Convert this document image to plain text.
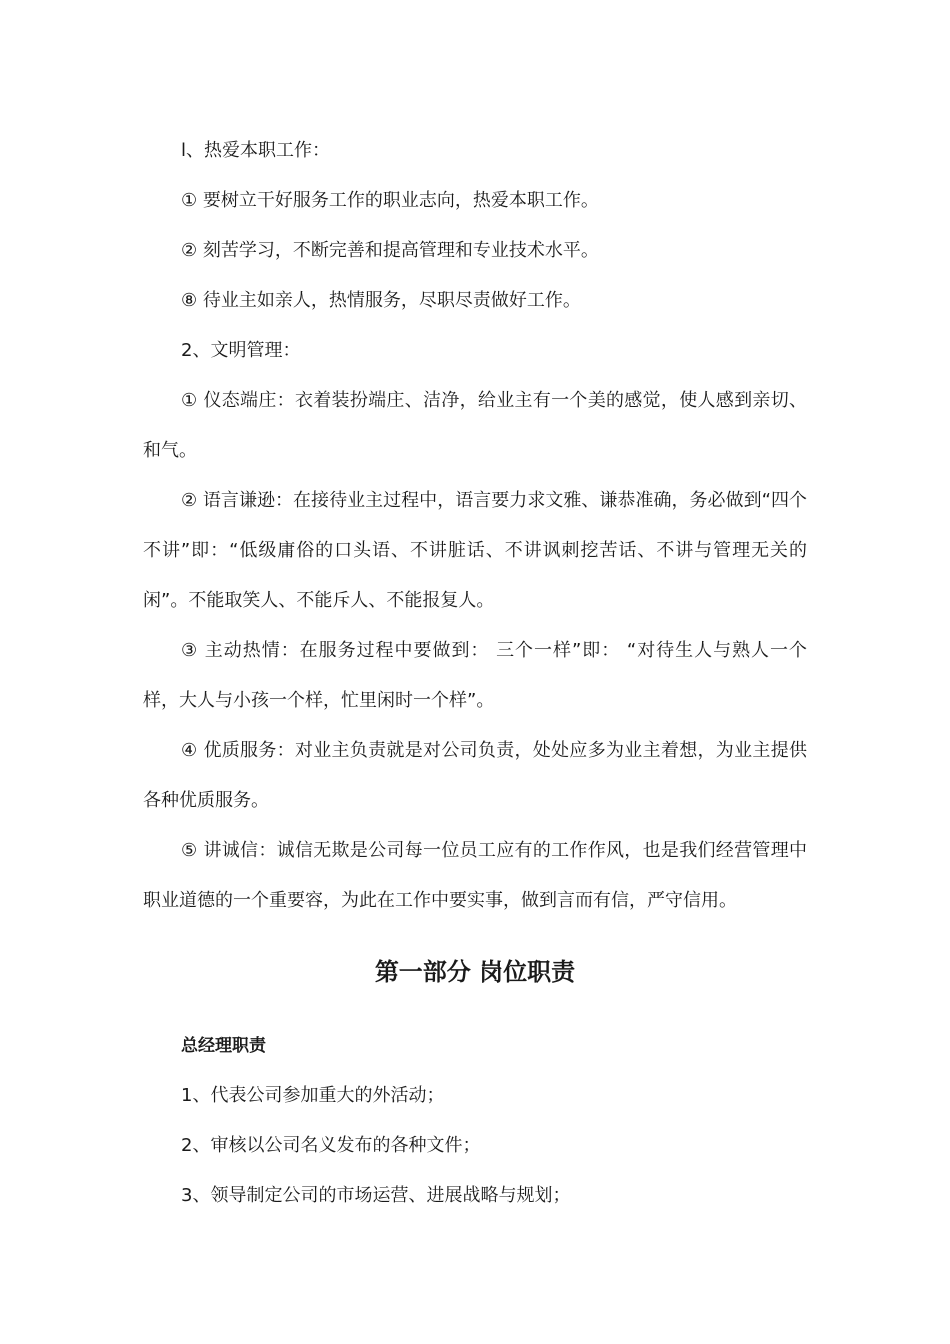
l、热爱本职工作：

① 要树立干好服务工作的职业志向，热爱本职工作。

② 刻苦学习，不断完善和提高管理和专业技术水平。

⑧ 待业主如亲人，热情服务，尽职尽责做好工作。

2、文明管理：

① 仪态端庄：衣着装扮端庄、洁净，给业主有一个美的感觉，使人感到亲切、和气。

② 语言谦逊：在接待业主过程中，语言要力求文雅、谦恭准确，务必做到“四个不讲”即：“低级庸俗的口头语、不讲脏话、不讲讽刺挖苦话、不讲与管理无关的闲”。不能取笑人、不能斥人、不能报复人。

③ 主动热情：在服务过程中要做到： 三个一样”即： “对待生人与熟人一个样，大人与小孩一个样，忙里闲时一个样”。

④ 优质服务：对业主负责就是对公司负责，处处应多为业主着想，为业主提供各种优质服务。

⑤ 讲诚信：诚信无欺是公司每一位员工应有的工作作风，也是我们经营管理中职业道德的一个重要容，为此在工作中要实事，做到言而有信，严守信用。

第一部分 岗位职责
总经理职责

1、代表公司参加重大的外活动；

2、审核以公司名义发布的各种文件；

3、领导制定公司的市场运营、进展战略与规划；
